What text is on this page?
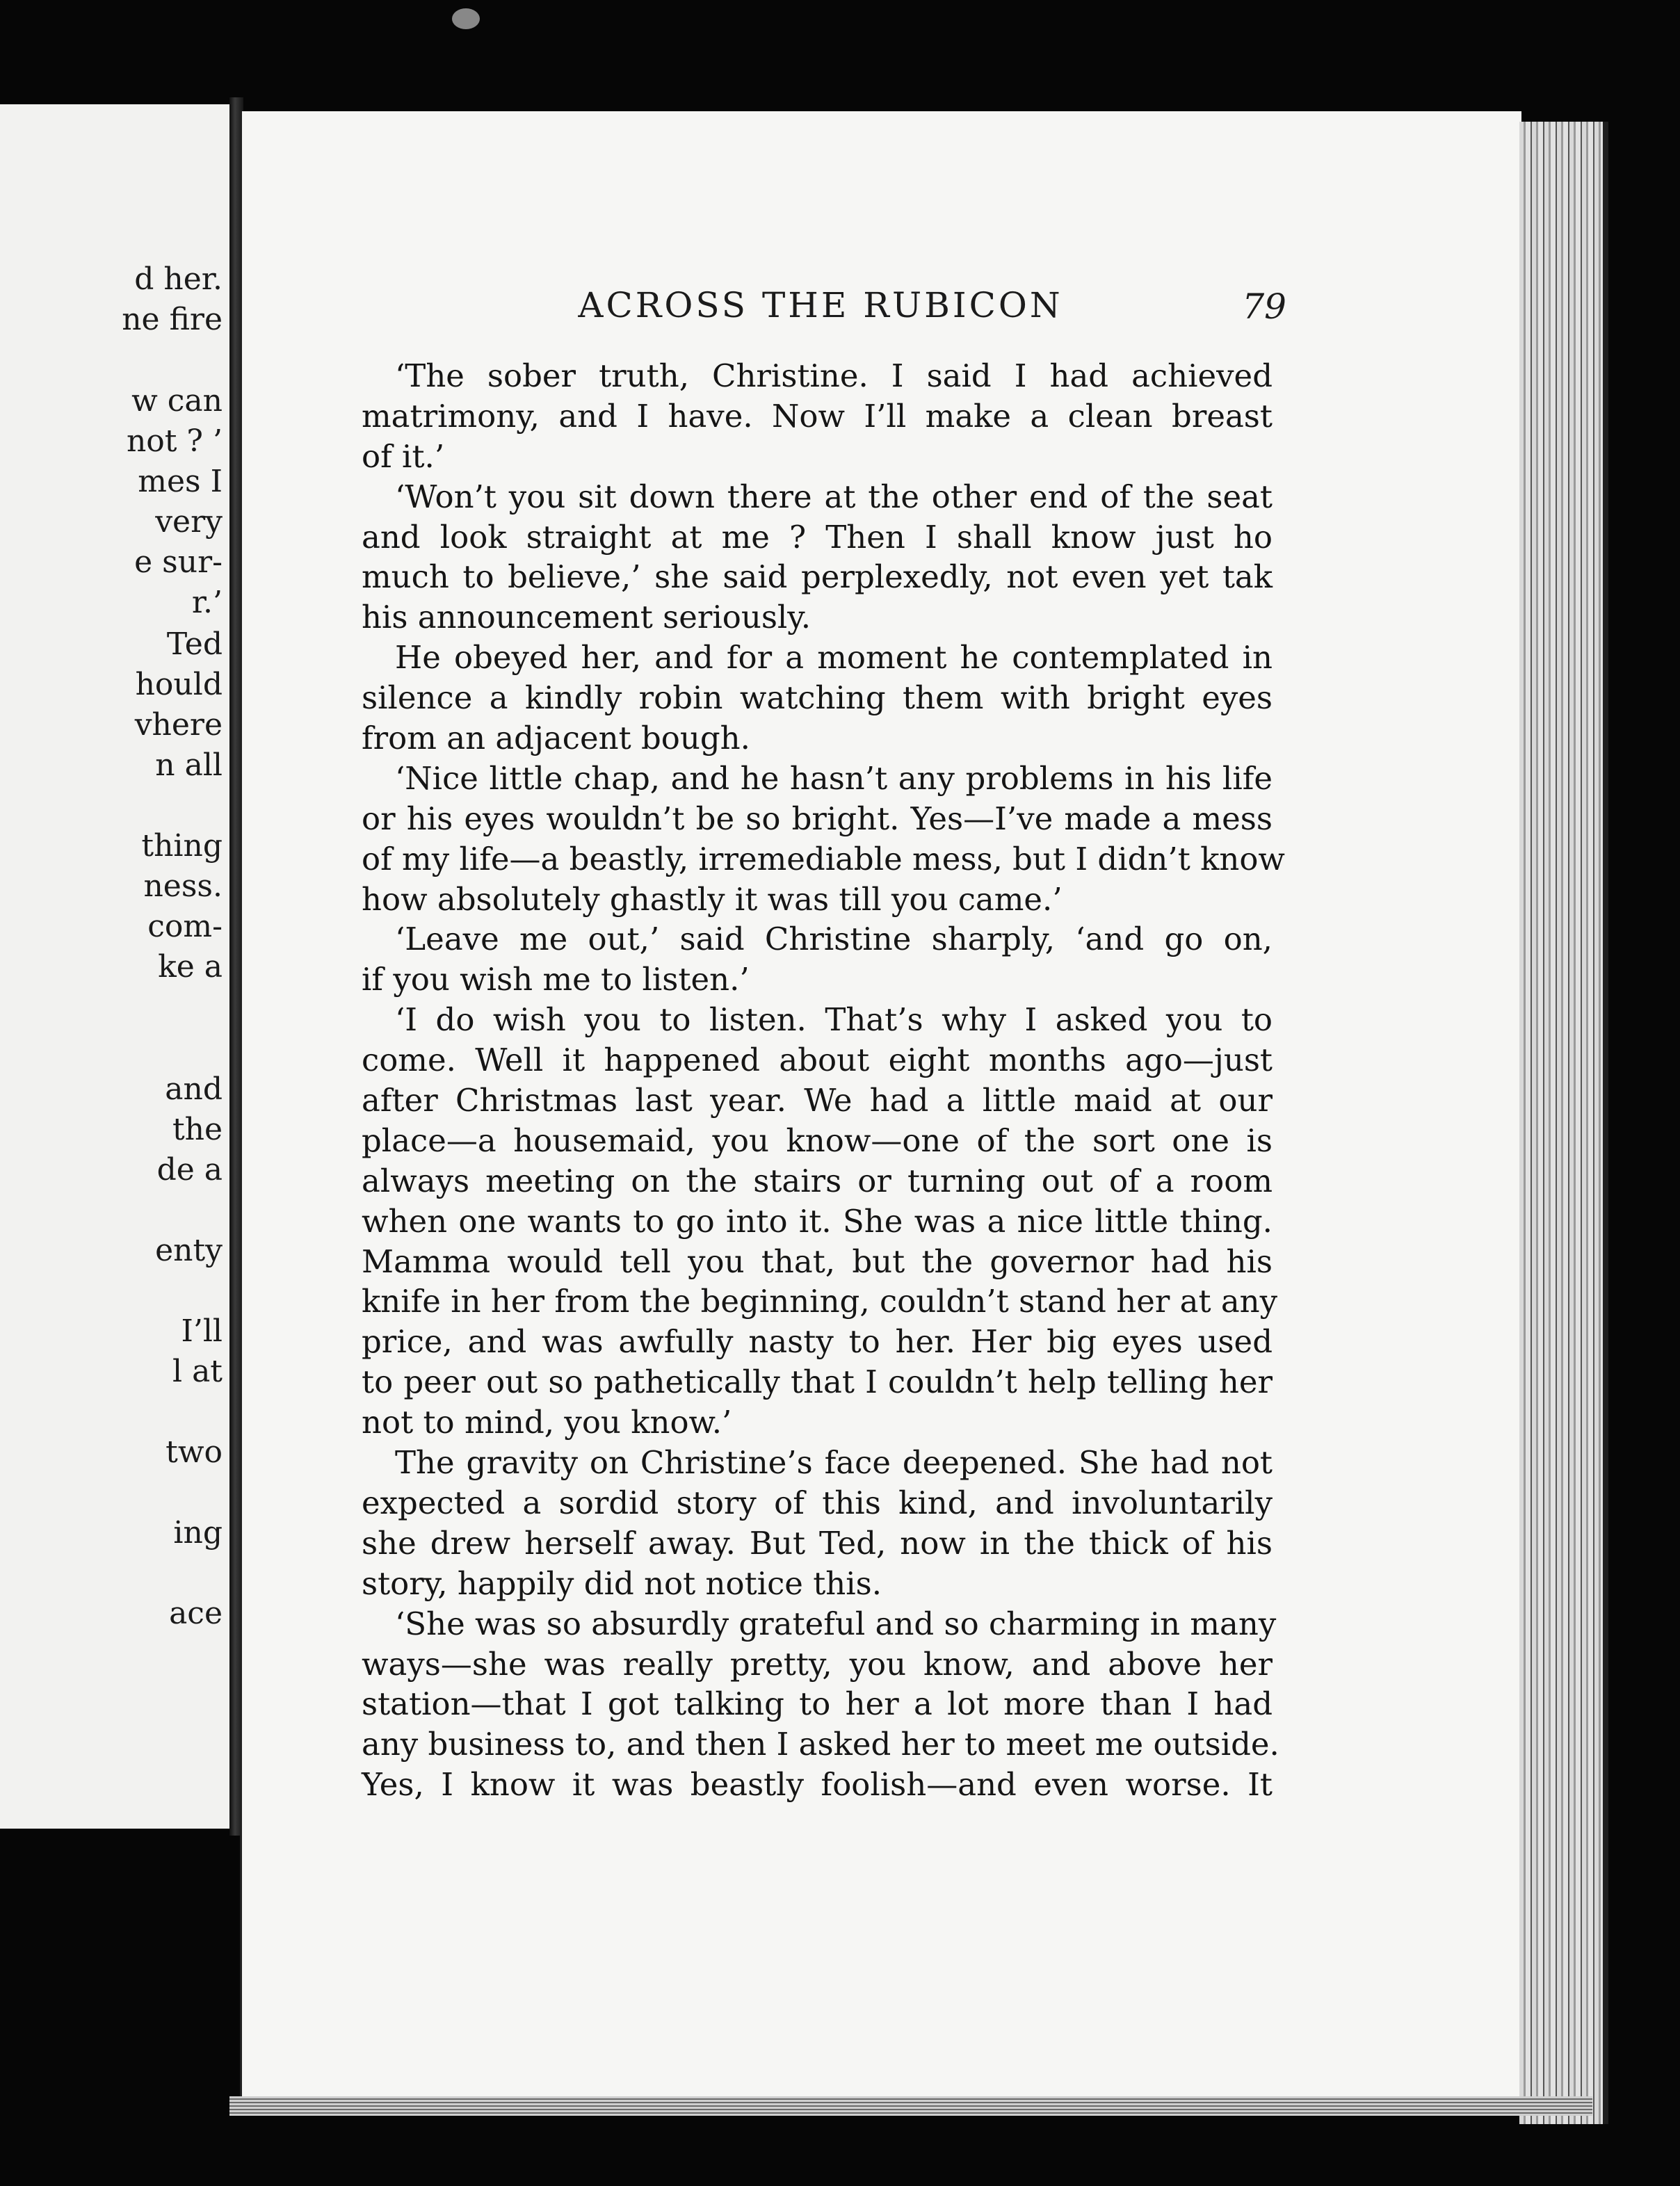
d her.
ne fire
w can
not ? ’
mes I
very
e sur-
r.’
Ted
hould
vhere
n all
thing
ness.
com-
ke a
and
the
de a
enty
I’ll
l at
two
ing
ace
ACROSS THE RUBICON	79
‘The sober truth, Christine. I said I had achieved
matrimony, and I have. Now I’ll make a clean breast
of it.’
‘Won’t you sit down there at the other end of the seat
and look straight at me ? Then I shall know just ho
much to believe,’ she said perplexedly, not even yet tak
his announcement seriously.
He obeyed her, and for a moment he contemplated in
silence a kindly robin watching them with bright eyes
from an adjacent bough.
‘Nice little chap, and he hasn’t any problems in his life
or his eyes wouldn’t be so bright. Yes—I’ve made a mess
of my life—a beastly, irremediable mess, but I didn’t know
how absolutely ghastly it was till you came.’
‘Leave me out,’ said Christine sharply, ‘and go on,
if you wish me to listen.’
‘I do wish you to listen. That’s why I asked you to
come. Well it happened about eight months ago—just
after Christmas last year. We had a little maid at our
place—a housemaid, you know—one of the sort one is
always meeting on the stairs or turning out of a room
when one wants to go into it. She was a nice little thing.
Mamma would tell you that, but the governor had his
knife in her from the beginning, couldn’t stand her at any
price, and was awfully nasty to her. Her big eyes used
to peer out so pathetically that I couldn’t help telling her
not to mind, you know.’
The gravity on Christine’s face deepened. She had not
expected a sordid story of this kind, and involuntarily
she drew herself away. But Ted, now in the thick of his
story, happily did not notice this.
‘She was so absurdly grateful and so charming in many
ways—she was really pretty, you know, and above her
station—that I got talking to her a lot more than I had
any business to, and then I asked her to meet me outside.
Yes, I know it was beastly foolish—and even worse. It
